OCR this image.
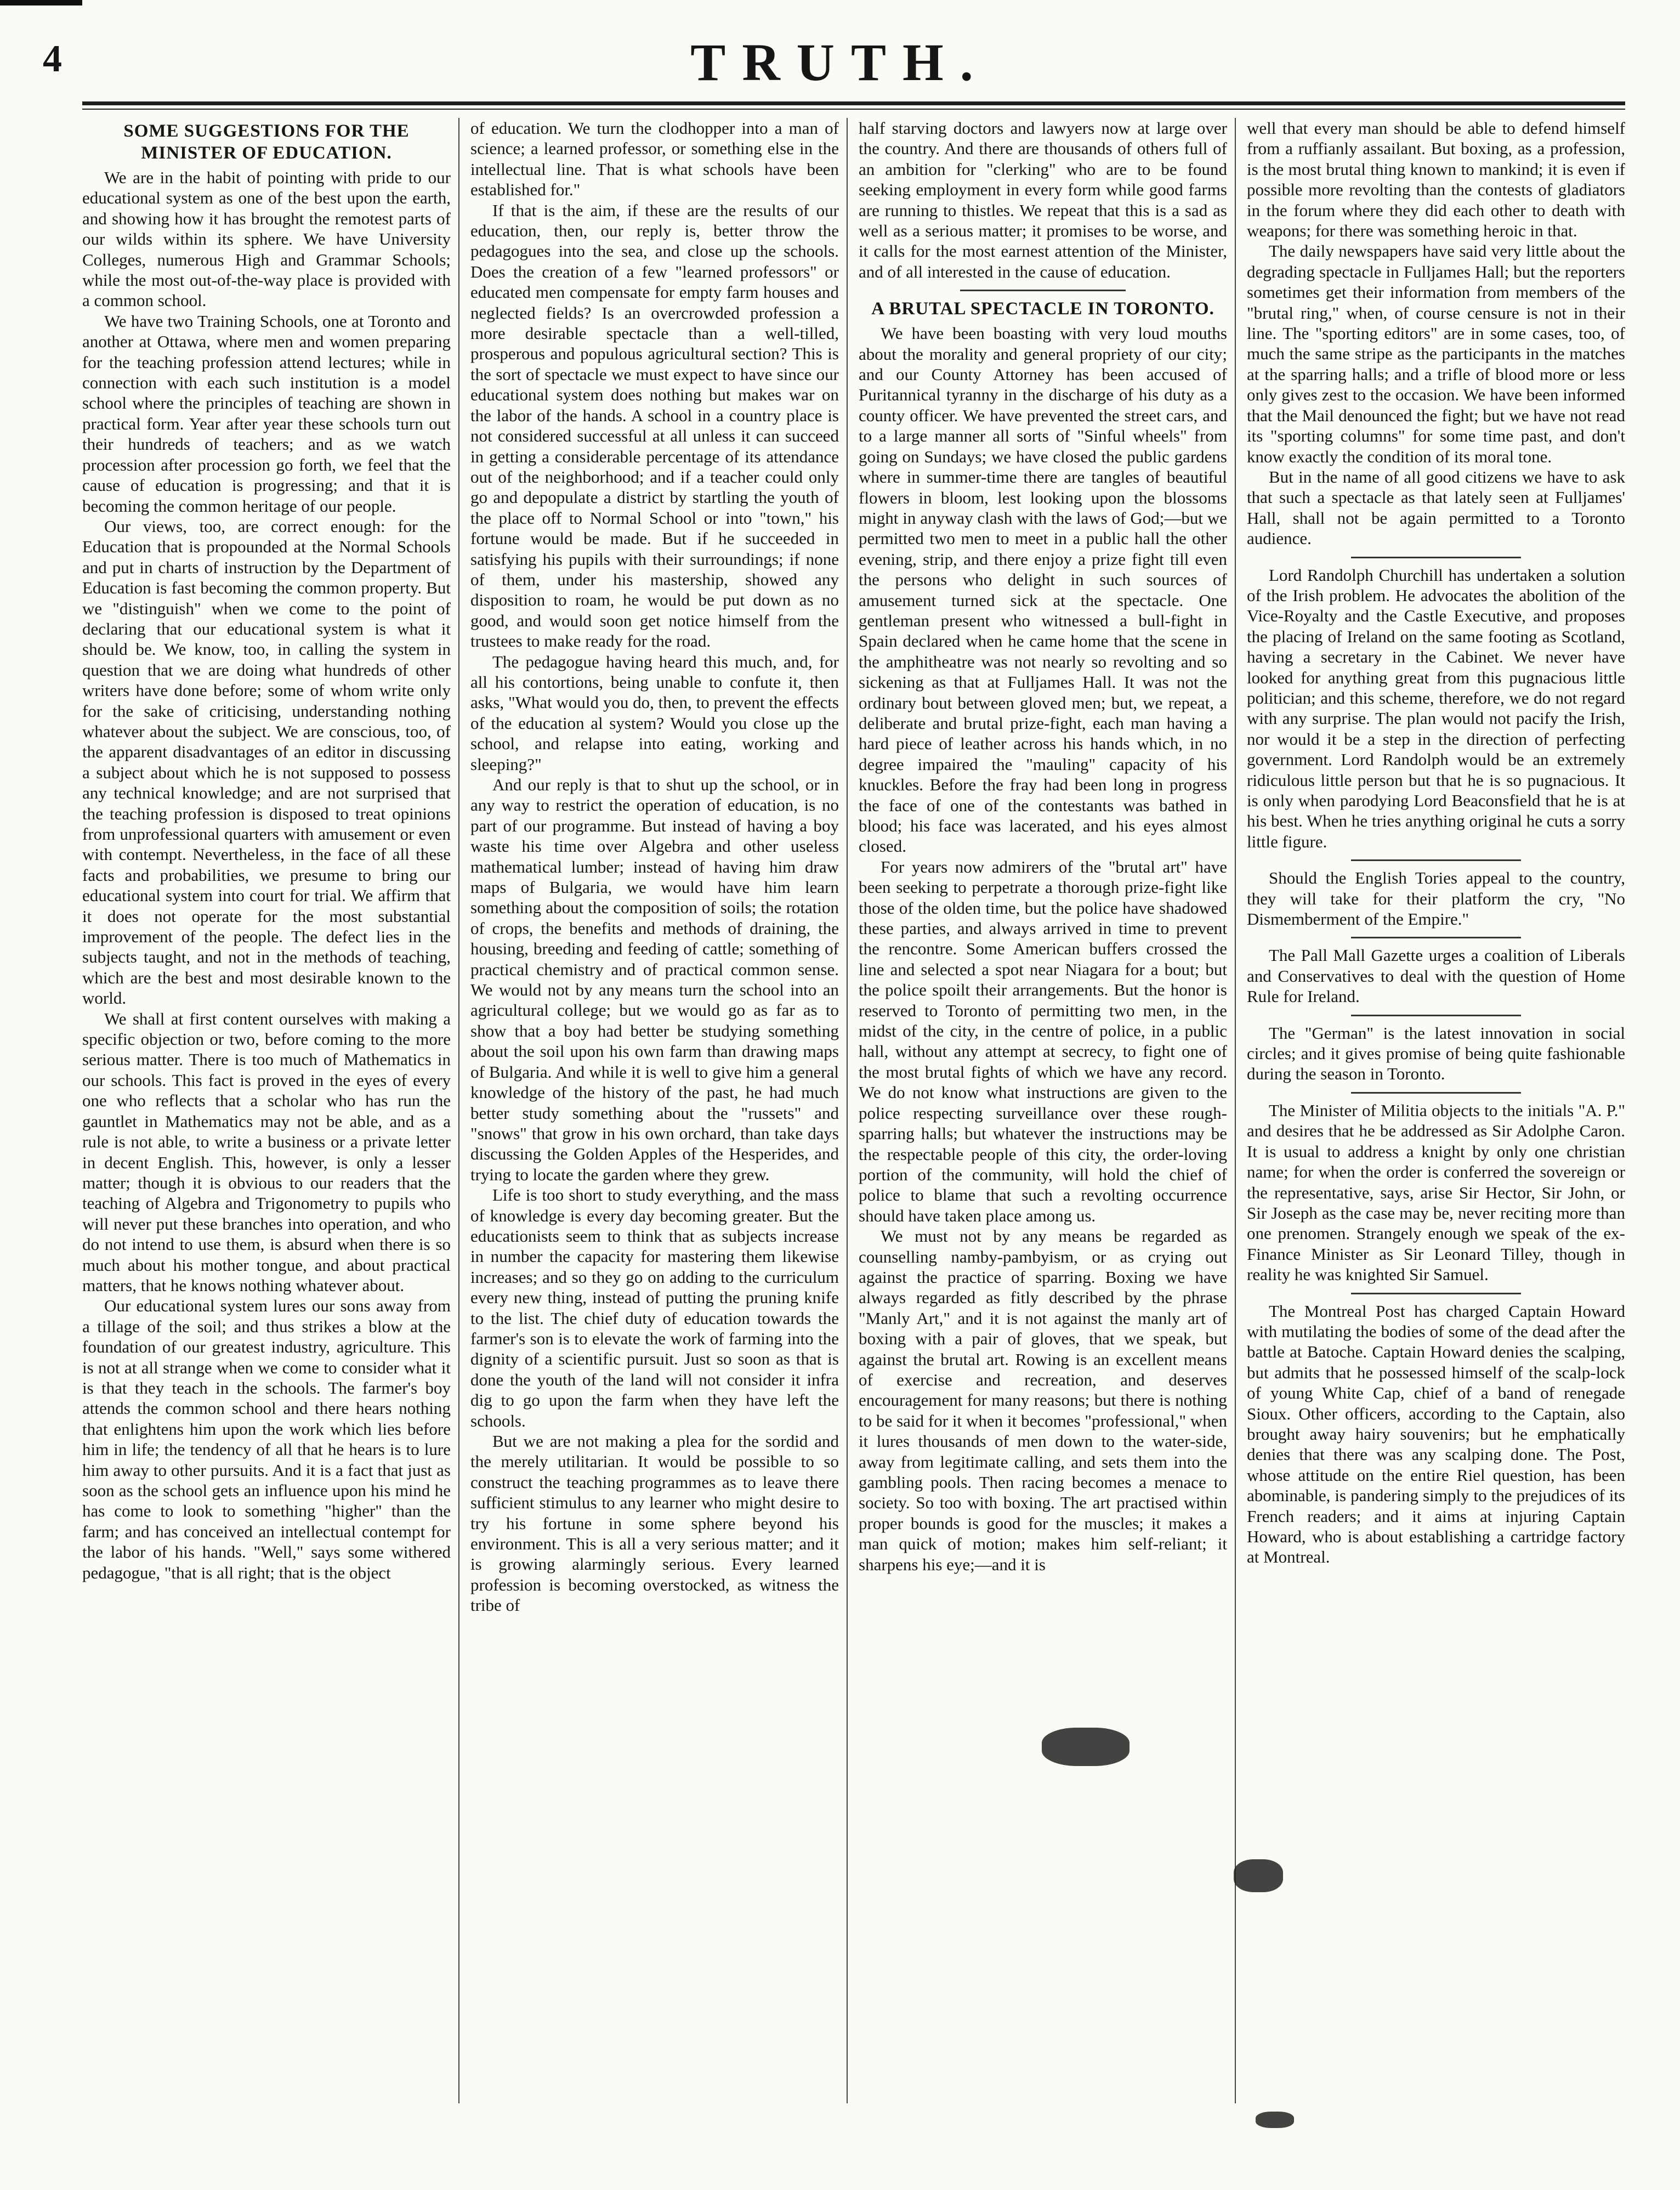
4	TRUTH.
SOME SUGGESTIONS FOR THE MINISTER OF EDUCATION.

We are in the habit of pointing with pride to our educational system as one of the best upon the earth, and showing how it has brought the remotest parts of our wilds within its sphere. We have University Colleges, numerous High and Grammar Schools; while the most out-of-the-way place is provided with a common school.

We have two Training Schools, one at Toronto and another at Ottawa, where men and women preparing for the teaching profession attend lectures; while in connection with each such institution is a model school where the principles of teaching are shown in practical form. Year after year these schools turn out their hundreds of teachers; and as we watch procession after procession go forth, we feel that the cause of education is progressing; and that it is becoming the common heritage of our people.

Our views, too, are correct enough: for the Education that is propounded at the Normal Schools and put in charts of instruction by the Department of Education is fast becoming the common property. But we "distinguish" when we come to the point of declaring that our educational system is what it should be. We know, too, in calling the system in question that we are doing what hundreds of other writers have done before; some of whom write only for the sake of criticising, understanding nothing whatever about the subject. We are conscious, too, of the apparent disadvantages of an editor in discussing a subject about which he is not supposed to possess any technical knowledge; and are not surprised that the teaching profession is disposed to treat opinions from unprofessional quarters with amusement or even with contempt. Nevertheless, in the face of all these facts and probabilities, we presume to bring our educational system into court for trial. We affirm that it does not operate for the most substantial improvement of the people. The defect lies in the subjects taught, and not in the methods of teaching, which are the best and most desirable known to the world.

We shall at first content ourselves with making a specific objection or two, before coming to the more serious matter. There is too much of Mathematics in our schools. This fact is proved in the eyes of every one who reflects that a scholar who has run the gauntlet in Mathematics may not be able, and as a rule is not able, to write a business or a private letter in decent English. This, however, is only a lesser matter; though it is obvious to our readers that the teaching of Algebra and Trigonometry to pupils who will never put these branches into operation, and who do not intend to use them, is absurd when there is so much about his mother tongue, and about practical matters, that he knows nothing whatever about.

Our educational system lures our sons away from a tillage of the soil; and thus strikes a blow at the foundation of our greatest industry, agriculture. This is not at all strange when we come to consider what it is that they teach in the schools. The farmer's boy attends the common school and there hears nothing that enlightens him upon the work which lies before him in life; the tendency of all that he hears is to lure him away to other pursuits. And it is a fact that just as soon as the school gets an influence upon his mind he has come to look to something "higher" than the farm; and has conceived an intellectual contempt for the labor of his hands. "Well," says some withered pedagogue, "that is all right; that is the object

of education. We turn the clodhopper into a man of science; a learned professor, or something else in the intellectual line. That is what schools have been established for."

If that is the aim, if these are the results of our education, then, our reply is, better throw the pedagogues into the sea, and close up the schools. Does the creation of a few "learned professors" or educated men compensate for empty farm houses and neglected fields? Is an overcrowded profession a more desirable spectacle than a well-tilled, prosperous and populous agricultural section? This is the sort of spectacle we must expect to have since our educational system does nothing but makes war on the labor of the hands. A school in a country place is not considered successful at all unless it can succeed in getting a considerable percentage of its attendance out of the neighborhood; and if a teacher could only go and depopulate a district by startling the youth of the place off to Normal School or into "town," his fortune would be made. But if he succeeded in satisfying his pupils with their surroundings; if none of them, under his mastership, showed any disposition to roam, he would be put down as no good, and would soon get notice himself from the trustees to make ready for the road.

The pedagogue having heard this much, and, for all his contortions, being unable to confute it, then asks, "What would you do, then, to prevent the effects of the education al system? Would you close up the school, and relapse into eating, working and sleeping?"

And our reply is that to shut up the school, or in any way to restrict the operation of education, is no part of our programme. But instead of having a boy waste his time over Algebra and other useless mathematical lumber; instead of having him draw maps of Bulgaria, we would have him learn something about the composition of soils; the rotation of crops, the benefits and methods of draining, the housing, breeding and feeding of cattle; something of practical chemistry and of practical common sense. We would not by any means turn the school into an agricultural college; but we would go as far as to show that a boy had better be studying something about the soil upon his own farm than drawing maps of Bulgaria. And while it is well to give him a general knowledge of the history of the past, he had much better study something about the "russets" and "snows" that grow in his own orchard, than take days discussing the Golden Apples of the Hesperides, and trying to locate the garden where they grew.

Life is too short to study everything, and the mass of knowledge is every day becoming greater. But the educationists seem to think that as subjects increase in number the capacity for mastering them likewise increases; and so they go on adding to the curriculum every new thing, instead of putting the pruning knife to the list. The chief duty of education towards the farmer's son is to elevate the work of farming into the dignity of a scientific pursuit. Just so soon as that is done the youth of the land will not consider it infra dig to go upon the farm when they have left the schools.

But we are not making a plea for the sordid and the merely utilitarian. It would be possible to so construct the teaching programmes as to leave there sufficient stimulus to any learner who might desire to try his fortune in some sphere beyond his environment. This is all a very serious matter; and it is growing alarmingly serious. Every learned profession is becoming overstocked, as witness the tribe of

half starving doctors and lawyers now at large over the country. And there are thousands of others full of an ambition for "clerking" who are to be found seeking employment in every form while good farms are running to thistles. We repeat that this is a sad as well as a serious matter; it promises to be worse, and it calls for the most earnest attention of the Minister, and of all interested in the cause of education.

A BRUTAL SPECTACLE IN TORONTO.

We have been boasting with very loud mouths about the morality and general propriety of our city; and our County Attorney has been accused of Puritannical tyranny in the discharge of his duty as a county officer. We have prevented the street cars, and to a large manner all sorts of "Sinful wheels" from going on Sundays; we have closed the public gardens where in summer-time there are tangles of beautiful flowers in bloom, lest looking upon the blossoms might in anyway clash with the laws of God;—but we permitted two men to meet in a public hall the other evening, strip, and there enjoy a prize fight till even the persons who delight in such sources of amusement turned sick at the spectacle. One gentleman present who witnessed a bull-fight in Spain declared when he came home that the scene in the amphitheatre was not nearly so revolting and so sickening as that at Fulljames Hall. It was not the ordinary bout between gloved men; but, we repeat, a deliberate and brutal prize-fight, each man having a hard piece of leather across his hands which, in no degree impaired the "mauling" capacity of his knuckles. Before the fray had been long in progress the face of one of the contestants was bathed in blood; his face was lacerated, and his eyes almost closed.

For years now admirers of the "brutal art" have been seeking to perpetrate a thorough prize-fight like those of the olden time, but the police have shadowed these parties, and always arrived in time to prevent the rencontre. Some American buffers crossed the line and selected a spot near Niagara for a bout; but the police spoilt their arrangements. But the honor is reserved to Toronto of permitting two men, in the midst of the city, in the centre of police, in a public hall, without any attempt at secrecy, to fight one of the most brutal fights of which we have any record. We do not know what instructions are given to the police respecting surveillance over these rough-sparring halls; but whatever the instructions may be the respectable people of this city, the order-loving portion of the community, will hold the chief of police to blame that such a revolting occurrence should have taken place among us.

We must not by any means be regarded as counselling namby-pambyism, or as crying out against the practice of sparring. Boxing we have always regarded as fitly described by the phrase "Manly Art," and it is not against the manly art of boxing with a pair of gloves, that we speak, but against the brutal art. Rowing is an excellent means of exercise and recreation, and deserves encouragement for many reasons; but there is nothing to be said for it when it becomes "professional," when it lures thousands of men down to the water-side, away from legitimate calling, and sets them into the gambling pools. Then racing becomes a menace to society. So too with boxing. The art practised within proper bounds is good for the muscles; it makes a man quick of motion; makes him self-reliant; it sharpens his eye;—and it is

well that every man should be able to defend himself from a ruffianly assailant. But boxing, as a profession, is the most brutal thing known to mankind; it is even if possible more revolting than the contests of gladiators in the forum where they did each other to death with weapons; for there was something heroic in that.

The daily newspapers have said very little about the degrading spectacle in Fulljames Hall; but the reporters sometimes get their information from members of the "brutal ring," when, of course censure is not in their line. The "sporting editors" are in some cases, too, of much the same stripe as the participants in the matches at the sparring halls; and a trifle of blood more or less only gives zest to the occasion. We have been informed that the Mail denounced the fight; but we have not read its "sporting columns" for some time past, and don't know exactly the condition of its moral tone.

But in the name of all good citizens we have to ask that such a spectacle as that lately seen at Fulljames' Hall, shall not be again permitted to a Toronto audience.

Lord Randolph Churchill has undertaken a solution of the Irish problem. He advocates the abolition of the Vice-Royalty and the Castle Executive, and proposes the placing of Ireland on the same footing as Scotland, having a secretary in the Cabinet. We never have looked for anything great from this pugnacious little politician; and this scheme, therefore, we do not regard with any surprise. The plan would not pacify the Irish, nor would it be a step in the direction of perfecting government. Lord Randolph would be an extremely ridiculous little person but that he is so pugnacious. It is only when parodying Lord Beaconsfield that he is at his best. When he tries anything original he cuts a sorry little figure.

Should the English Tories appeal to the country, they will take for their platform the cry, "No Dismemberment of the Empire."

The Pall Mall Gazette urges a coalition of Liberals and Conservatives to deal with the question of Home Rule for Ireland.

The "German" is the latest innovation in social circles; and it gives promise of being quite fashionable during the season in Toronto.

The Minister of Militia objects to the initials "A. P." and desires that he be addressed as Sir Adolphe Caron. It is usual to address a knight by only one christian name; for when the order is conferred the sovereign or the representative, says, arise Sir Hector, Sir John, or Sir Joseph as the case may be, never reciting more than one prenomen. Strangely enough we speak of the ex-Finance Minister as Sir Leonard Tilley, though in reality he was knighted Sir Samuel.

The Montreal Post has charged Captain Howard with mutilating the bodies of some of the dead after the battle at Batoche. Captain Howard denies the scalping, but admits that he possessed himself of the scalp-lock of young White Cap, chief of a band of renegade Sioux. Other officers, according to the Captain, also brought away hairy souvenirs; but he emphatically denies that there was any scalping done. The Post, whose attitude on the entire Riel question, has been abominable, is pandering simply to the prejudices of its French readers; and it aims at injuring Captain Howard, who is about establishing a cartridge factory at Montreal.
